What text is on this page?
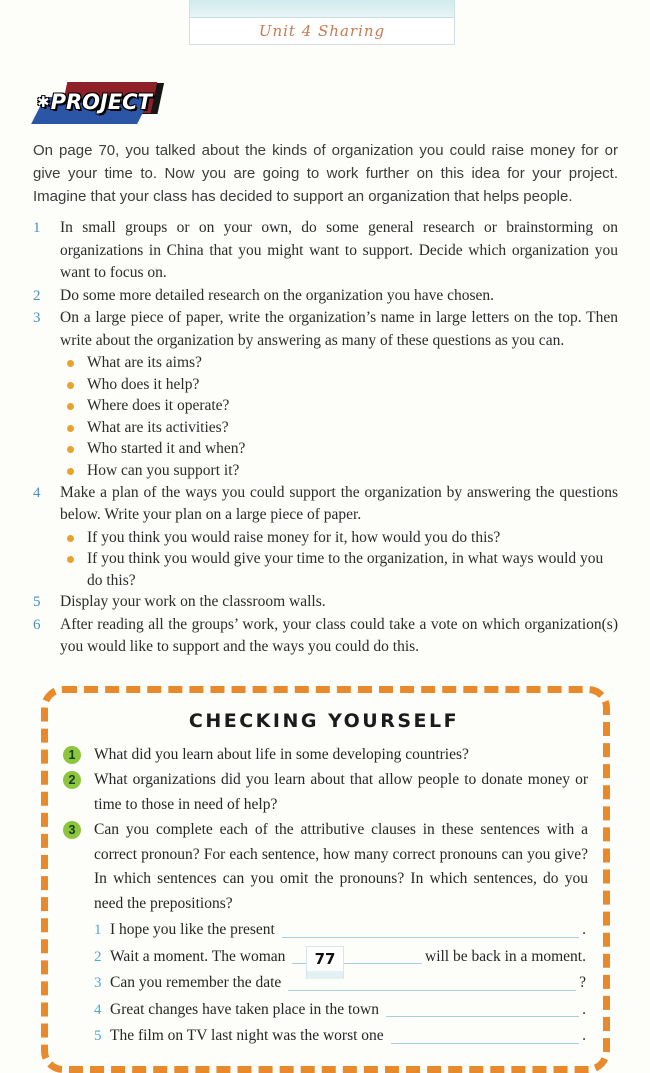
Unit 4 Sharing
✱PROJECT

On page 70, you talked about the kinds of organization you could raise money for or give your time to. Now you are going to work further on this idea for your project. Imagine that your class has decided to support an organization that helps people.

1	In small groups or on your own, do some general research or brainstorming on organizations in China that you might want to support. Decide which organization you want to focus on.
2	Do some more detailed research on the organization you have chosen.
3	On a large piece of paper, write the organization’s name in large letters on the top. Then write about the organization by answering as many of these questions as you can.
What are its aims?
Who does it help?
Where does it operate?
What are its activities?
Who started it and when?
How can you support it?
4	Make a plan of the ways you could support the organization by answering the questions below. Write your plan on a large piece of paper.
If you think you would raise money for it, how would you do this?
If you think you would give your time to the organization, in what ways would you do this?
5	Display your work on the classroom walls.
6	After reading all the groups’ work, your class could take a vote on which organization(s) you would like to support and the ways you could do this.
CHECKING YOURSELF
1	What did you learn about life in some developing countries?
2	What organizations did you learn about that allow people to donate money or time to those in need of help?
3	Can you complete each of the attributive clauses in these sentences with a correct pronoun? For each sentence, how many correct pronouns can you give? In which sentences can you omit the pronouns? In which sentences, do you need the prepositions?
1 I hope you like the present	.
2 Wait a moment. The woman	will be back in a moment.
3 Can you remember the date	?
4 Great changes have taken place in the town	.
5 The film on TV last night was the worst one	.
77
